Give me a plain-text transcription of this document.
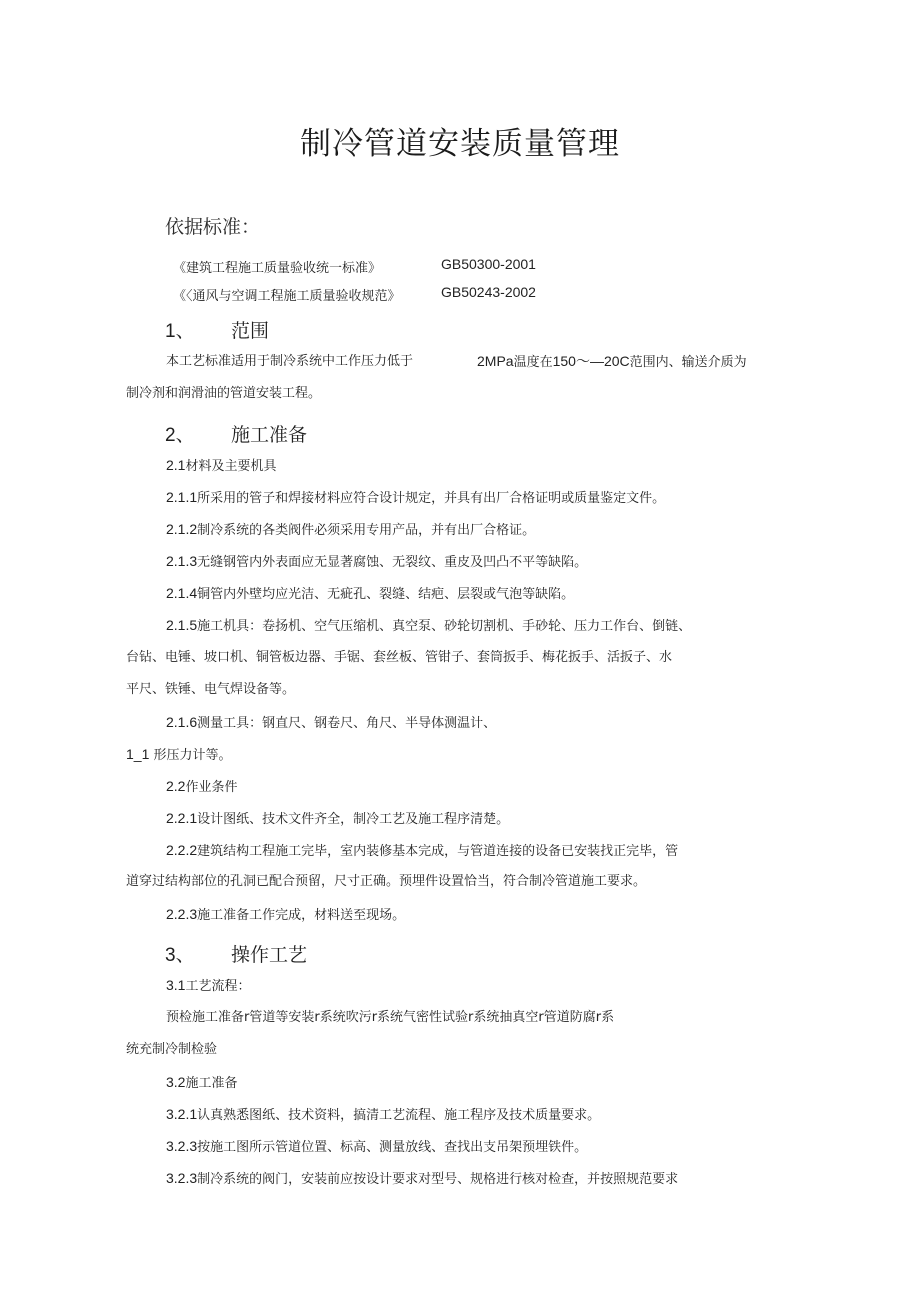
制冷管道安装质量管理
依据标准：
《建筑工程施工质量验收统一标准》	GB50300-2001
《〈通风与空调工程施工质量验收规范》	GB50243-2002
1、 范围
本工艺标准适用于制冷系统中工作压力低于	2MPa温度在150〜—20C范围内、输送介质为
制冷剂和润滑油的管道安装工程。
2、 施工准备
2.1材料及主要机具
2.1.1所采用的管子和焊接材料应符合设计规定，并具有出厂合格证明或质量鉴定文件。
2.1.2制冷系统的各类阀件必须采用专用产品，并有出厂合格证。
2.1.3无缝钢管内外表面应无显著腐蚀、无裂纹、重皮及凹凸不平等缺陷。
2.1.4铜管内外壁均应光洁、无疵孔、裂缝、结疤、层裂或气泡等缺陷。
2.1.5施工机具：卷扬机、空气压缩机、真空泵、砂轮切割机、手砂轮、压力工作台、倒链、
台钻、电锤、坡口机、铜管板边器、手锯、套丝板、管钳子、套筒扳手、梅花扳手、活扳子、水
平尺、铁锤、电气焊设备等。
2.1.6测量工具：钢直尺、钢卷尺、角尺、半导体测温计、
1_1 形压力计等。
2.2作业条件
2.2.1设计图纸、技术文件齐全，制冷工艺及施工程序清楚。
2.2.2建筑结构工程施工完毕，室内装修基本完成，与管道连接的设备已安装找正完毕，管
道穿过结构部位的孔洞已配合预留，尺寸正确。预埋件设置恰当，符合制冷管道施工要求。
2.2.3施工准备工作完成，材料送至现场。
3、 操作工艺
3.1工艺流程：
预检施工准备r管道等安装r系统吹污r系统气密性试验r系统抽真空r管道防腐r系
统充制冷制检验
3.2施工准备
3.2.1认真熟悉图纸、技术资料，搞清工艺流程、施工程序及技术质量要求。
3.2.3按施工图所示管道位置、标高、测量放线、查找出支吊架预埋铁件。
3.2.3制冷系统的阀门，安装前应按设计要求对型号、规格进行核对检查，并按照规范要求
